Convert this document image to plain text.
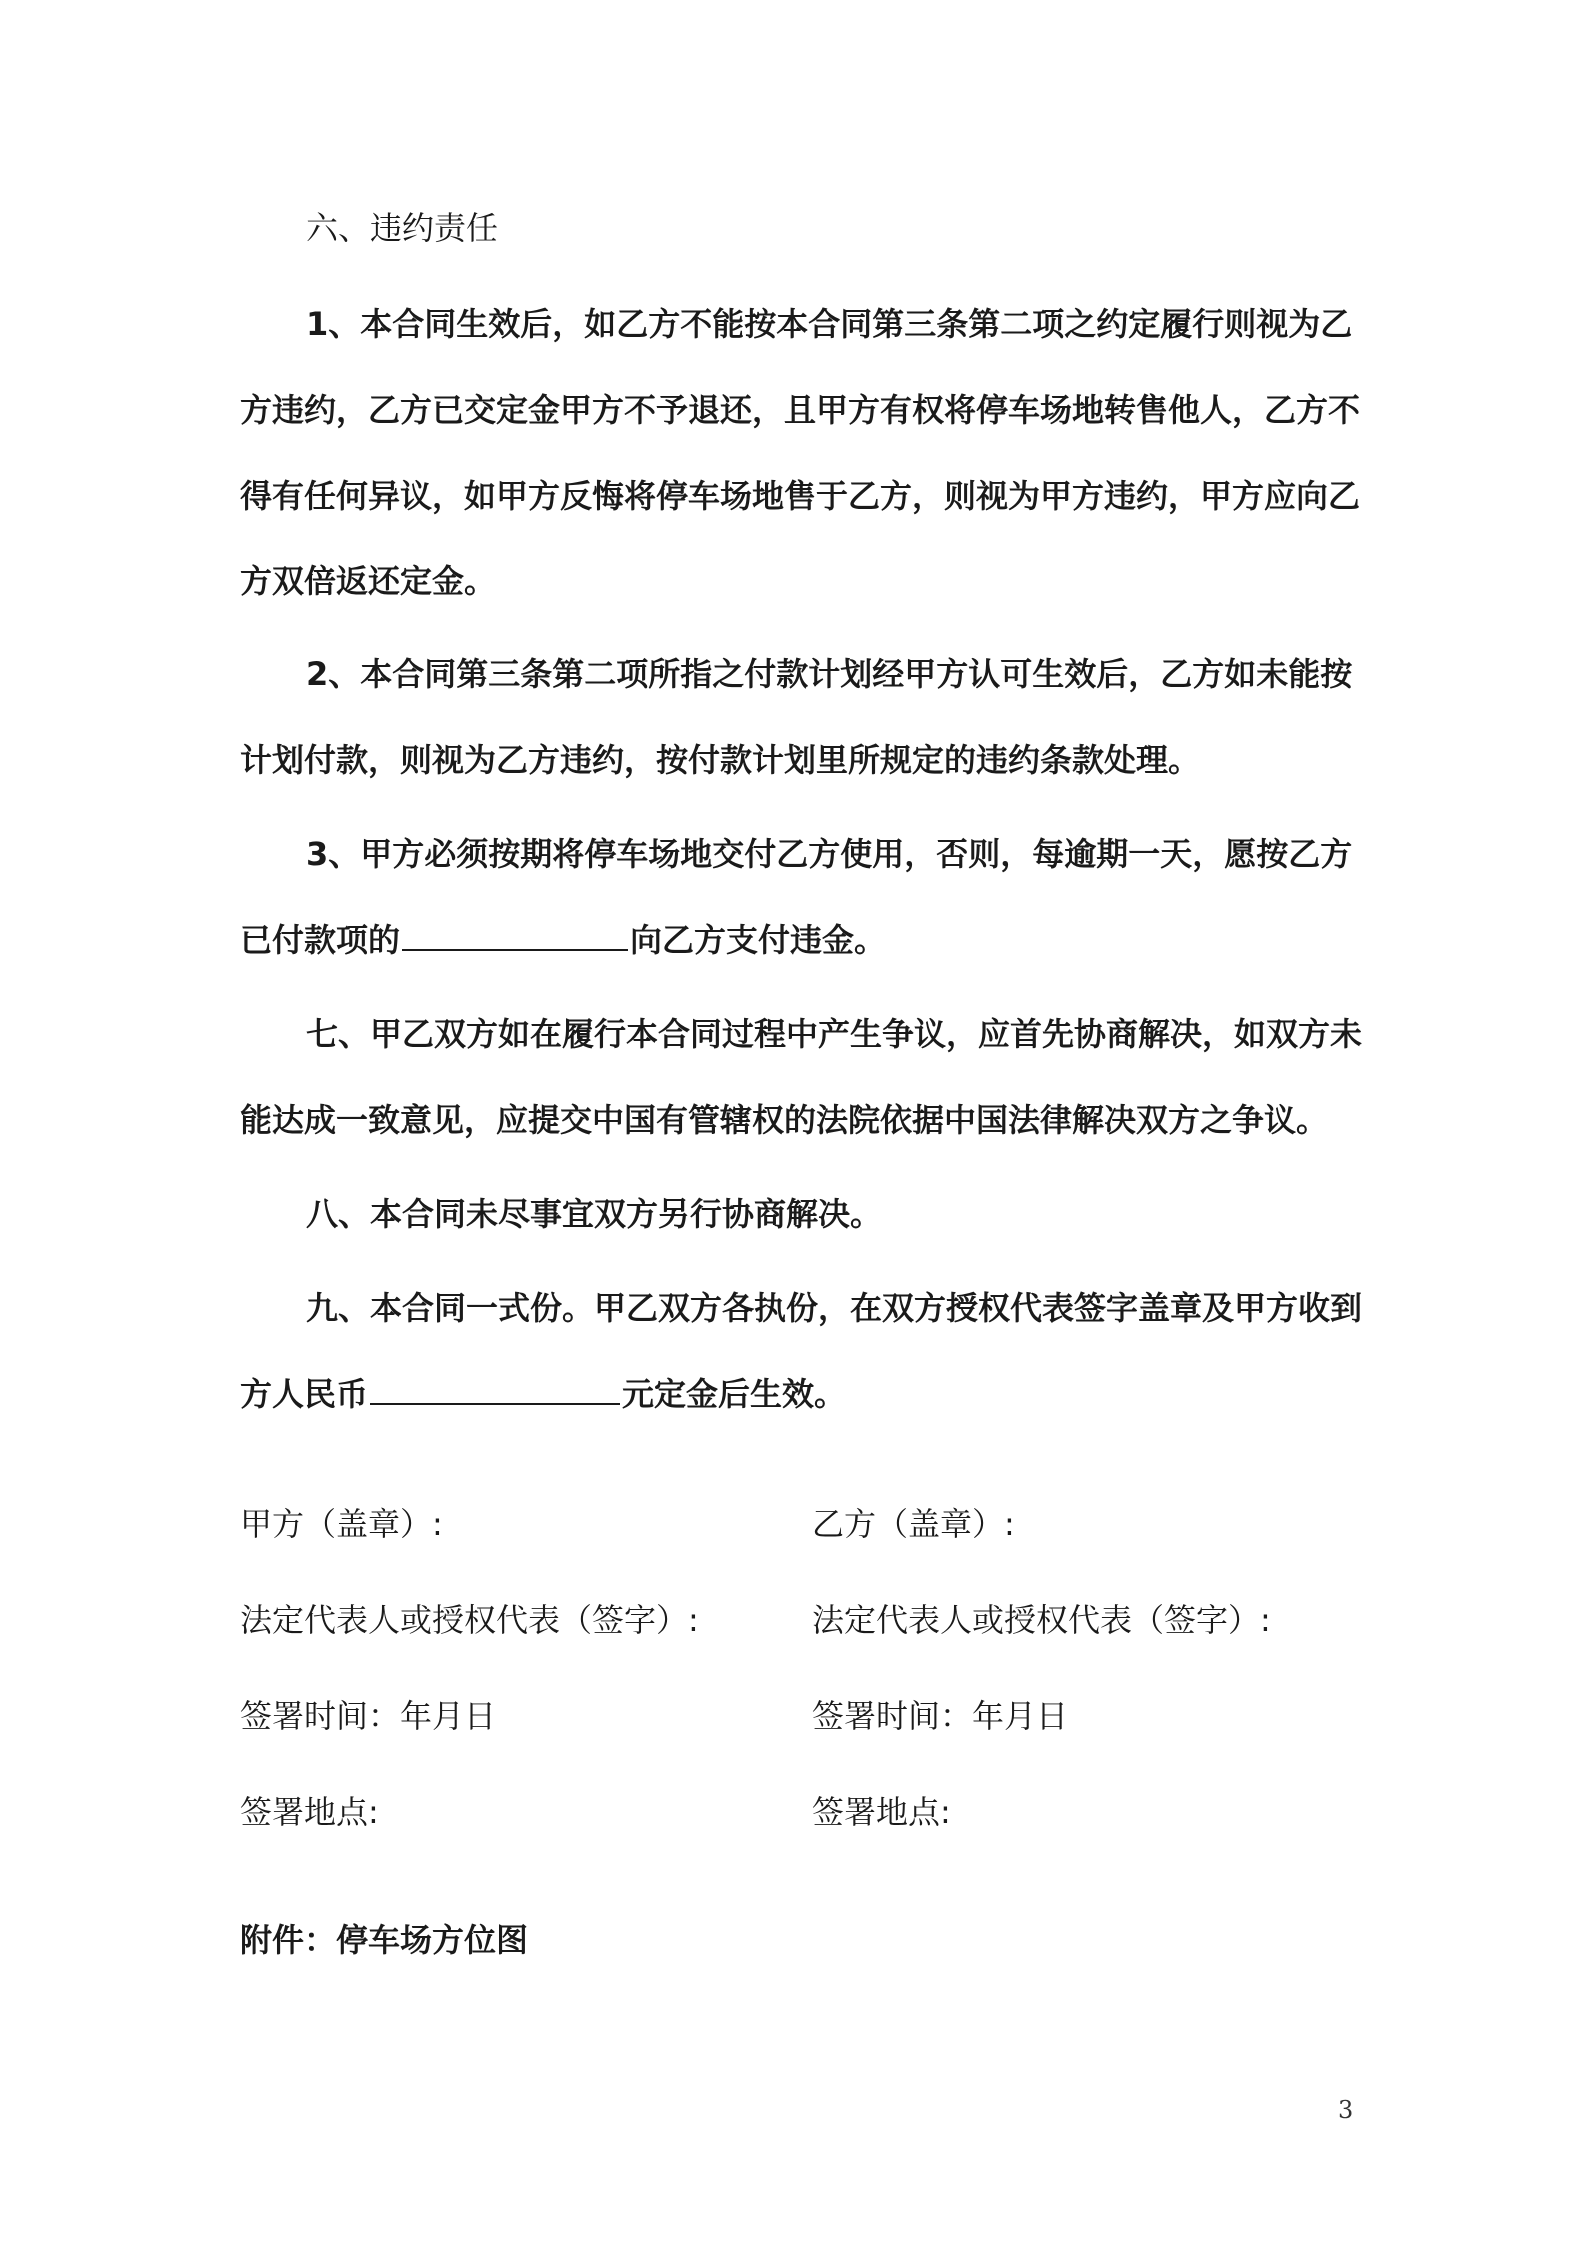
六、违约责任
1、本合同生效后，如乙方不能按本合同第三条第二项之约定履行则视为乙
方违约，乙方已交定金甲方不予退还，且甲方有权将停车场地转售他人，乙方不
得有任何异议，如甲方反悔将停车场地售于乙方，则视为甲方违约，甲方应向乙
方双倍返还定金。
2、本合同第三条第二项所指之付款计划经甲方认可生效后，乙方如未能按
计划付款，则视为乙方违约，按付款计划里所规定的违约条款处理。
3、甲方必须按期将停车场地交付乙方使用，否则，每逾期一天，愿按乙方
已付款项的	向乙方支付违金。
七、甲乙双方如在履行本合同过程中产生争议，应首先协商解决，如双方未
能达成一致意见，应提交中国有管辖权的法院依据中国法律解决双方之争议。
八、本合同未尽事宜双方另行协商解决。
九、本合同一式份。甲乙双方各执份，在双方授权代表签字盖章及甲方收到
方人民币	元定金后生效。
甲方（盖章）:	乙方（盖章）:
法定代表人或授权代表（签字）:	法定代表人或授权代表（签字）:
签署时间：年月日	签署时间：年月日
签署地点:	签署地点:
附件：停车场方位图
3
